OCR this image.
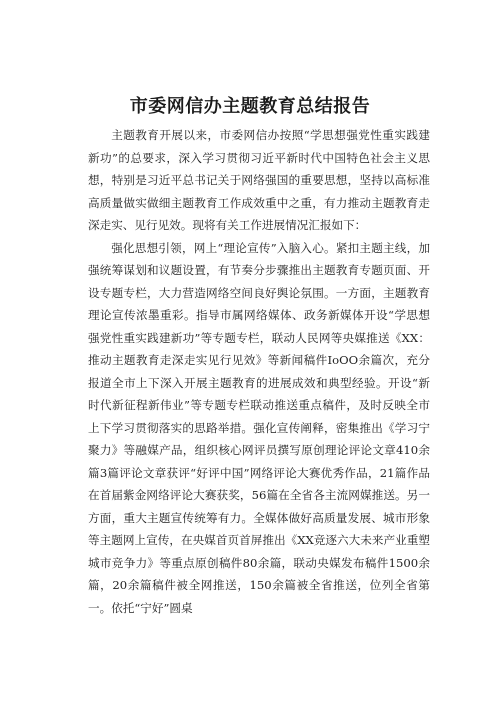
市委网信办主题教育总结报告

主题教育开展以来，市委网信办按照“学思想强党性重实践建新功”的总要求，深入学习贯彻习近平新时代中国特色社会主义思想，特别是习近平总书记关于网络强国的重要思想，坚持以高标准高质量做实做细主题教育工作成效重中之重，有力推动主题教育走深走实、见行见效。现将有关工作进展情况汇报如下：

强化思想引领，网上“理论宣传”入脑入心。紧扣主题主线，加强统筹谋划和议题设置，有节奏分步骤推出主题教育专题页面、开设专题专栏，大力营造网络空间良好舆论氛围。一方面，主题教育理论宣传浓墨重彩。指导市属网络媒体、政务新媒体开设“学思想强党性重实践建新功”等专题专栏，联动人民网等央媒推送《XX：推动主题教育走深走实见行见效》等新闻稿件IoOO余篇次，充分报道全市上下深入开展主题教育的进展成效和典型经验。开设“新时代新征程新伟业”等专题专栏联动推送重点稿件，及时反映全市上下学习贯彻落实的思路举措。强化宣传阐释，密集推出《学习宁聚力》等融媒产品，组织核心网评员撰写原创理论评论文章410余篇3篇评论文章获评“好评中国”网络评论大赛优秀作品，21篇作品在首届紫金网络评论大赛获奖，56篇在全省各主流网媒推送。另一方面，重大主题宣传统筹有力。全媒体做好高质量发展、城市形象等主题网上宣传，在央媒首页首屏推出《XX竞逐六大未来产业重塑城市竞争力》等重点原创稿件80余篇，联动央媒发布稿件1500余篇，20余篇稿件被全网推送，150余篇被全省推送，位列全省第一。依托“宁好”圆桌
